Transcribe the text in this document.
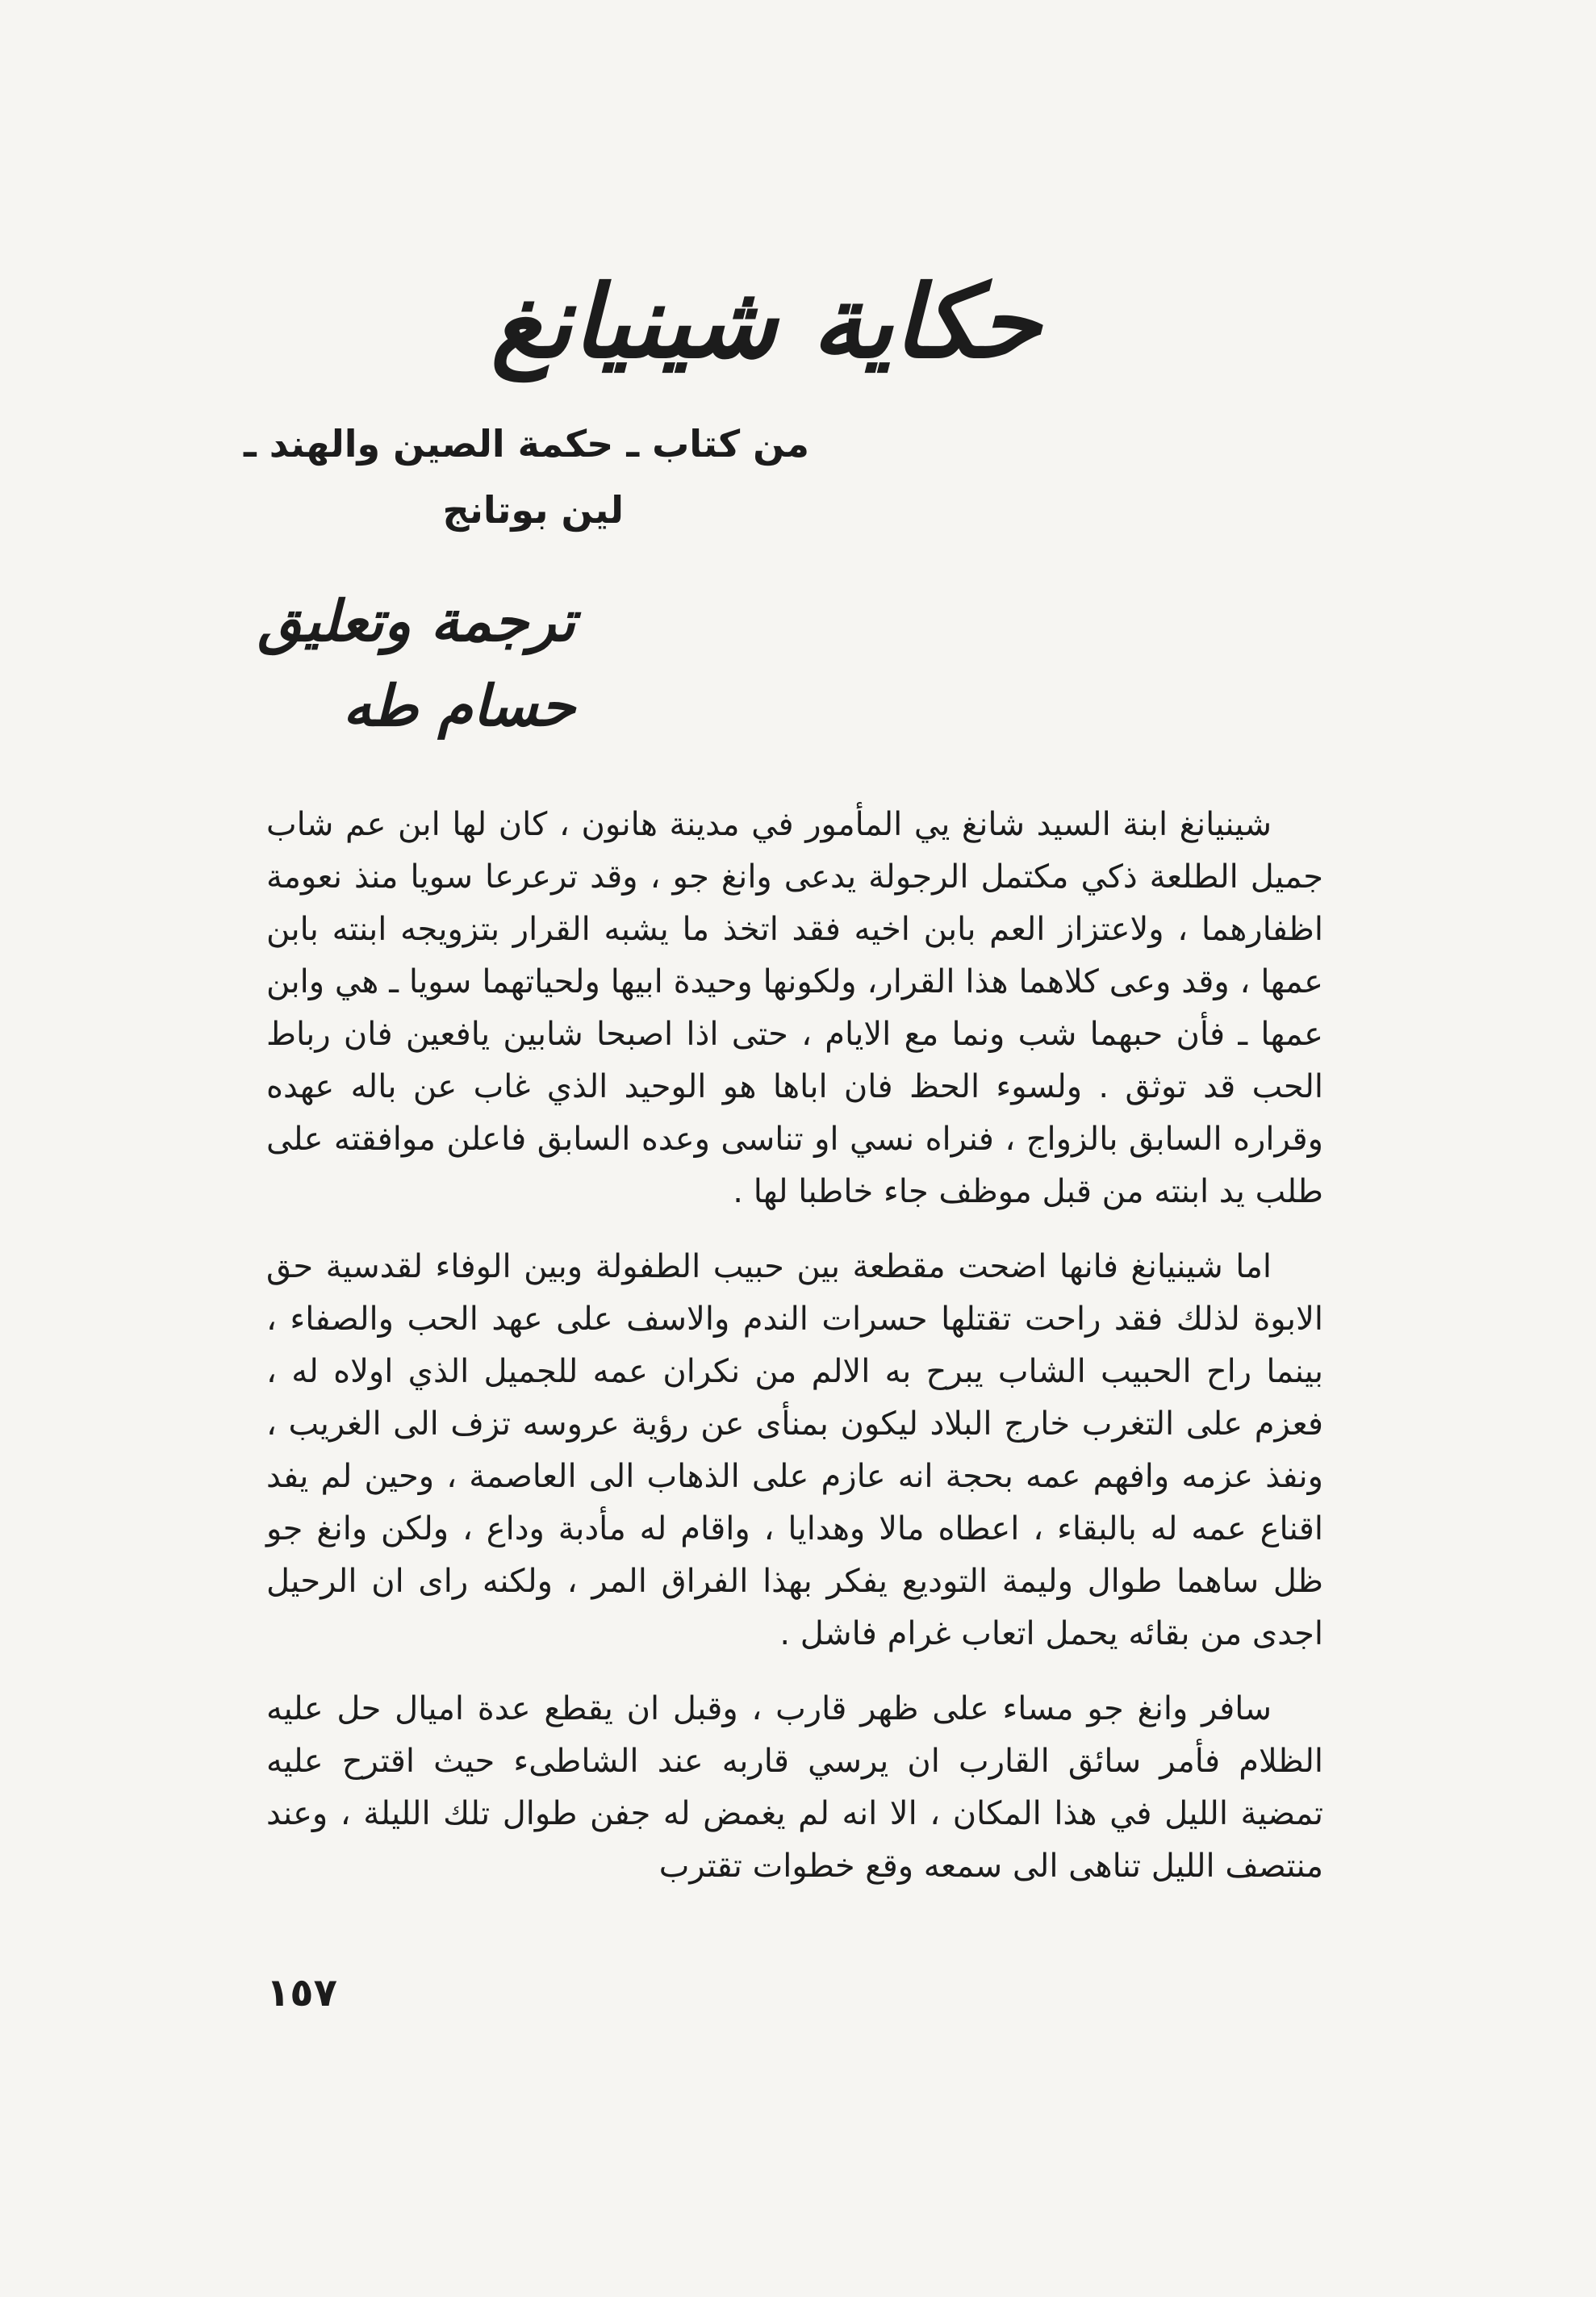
حكاية شينيانغ
من كتاب ـ حكمة الصين والهند ـ
لين بوتانج
ترجمة وتعليق
حسام طه

شينيانغ ابنة السيد شانغ يي المأمور في مدينة هانون ، كان لها ابن عم شاب جميل الطلعة ذكي مكتمل الرجولة يدعى وانغ جو ، وقد ترعرعا سويا منذ نعومة اظفارهما ، ولاعتزاز العم بابن اخيه فقد اتخذ ما يشبه القرار بتزويجه ابنته بابن عمها ، وقد وعى كلاهما هذا القرار، ولكونها وحيدة ابيها ولحياتهما سويا ـ هي وابن عمها ـ فأن حبهما شب ونما مع الايام ، حتى اذا اصبحا شابين يافعين فان رباط الحب قد توثق . ولسوء الحظ فان اباها هو الوحيد الذي غاب عن باله عهده وقراره السابق بالزواج ، فنراه نسي او تناسى وعده السابق فاعلن موافقته على طلب يد ابنته من قبل موظف جاء خاطبا لها .

اما شينيانغ فانها اضحت مقطعة بين حبيب الطفولة وبين الوفاء لقدسية حق الابوة لذلك فقد راحت تقتلها حسرات الندم والاسف على عهد الحب والصفاء ، بينما راح الحبيب الشاب يبرح به الالم من نكران عمه للجميل الذي اولاه له ، فعزم على التغرب خارج البلاد ليكون بمنأى عن رؤية عروسه تزف الى الغريب ، ونفذ عزمه وافهم عمه بحجة انه عازم على الذهاب الى العاصمة ، وحين لم يفد اقناع عمه له بالبقاء ، اعطاه مالا وهدايا ، واقام له مأدبة وداع ، ولكن وانغ جو ظل ساهما طوال وليمة التوديع يفكر بهذا الفراق المر ، ولكنه راى ان الرحيل اجدى من بقائه يحمل اتعاب غرام فاشل .

سافر وانغ جو مساء على ظهر قارب ، وقبل ان يقطع عدة اميال حل عليه الظلام فأمر سائق القارب ان يرسي قاربه عند الشاطىء حيث اقترح عليه تمضية الليل في هذا المكان ، الا انه لم يغمض له جفن طوال تلك الليلة ، وعند منتصف الليل تناهى الى سمعه وقع خطوات تقترب

١٥٧
